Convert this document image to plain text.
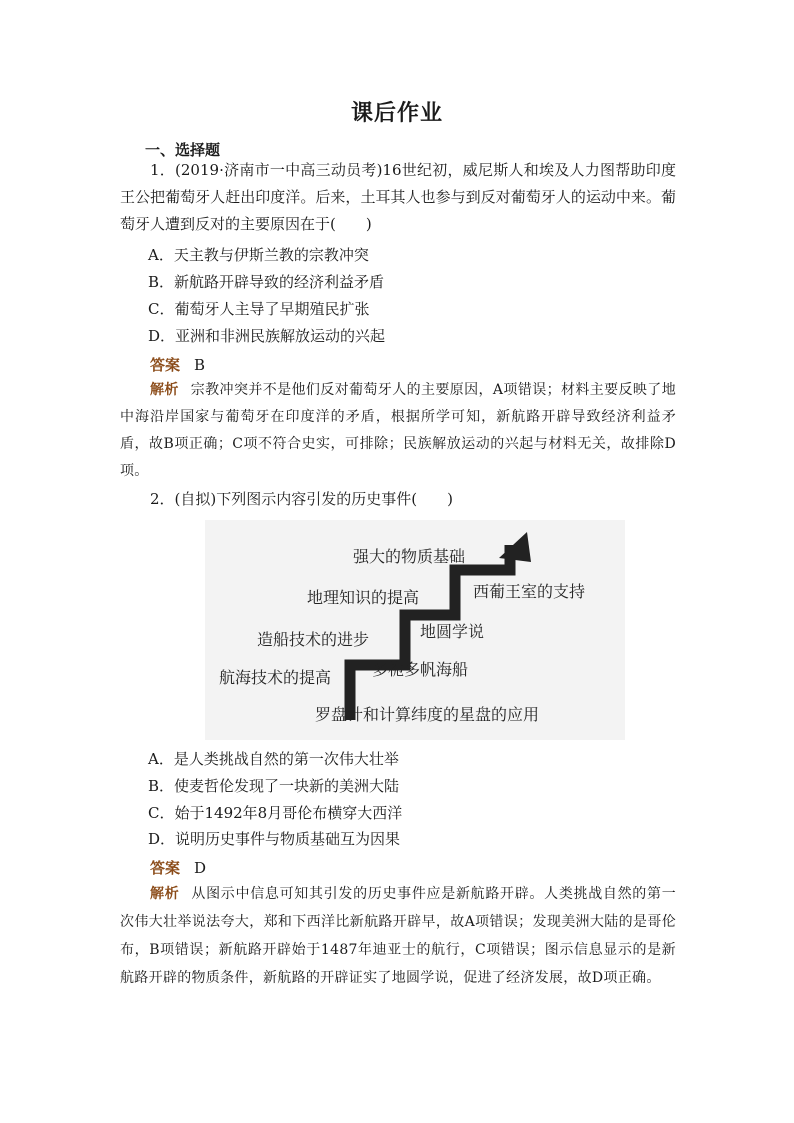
课后作业
一、选择题
1．(2019·济南市一中高三动员考)16世纪初，威尼斯人和埃及人力图帮助印度王公把葡萄牙人赶出印度洋。后来，土耳其人也参与到反对葡萄牙人的运动中来。葡萄牙人遭到反对的主要原因在于(　　)
A．天主教与伊斯兰教的宗教冲突
B．新航路开辟导致的经济利益矛盾
C．葡萄牙人主导了早期殖民扩张
D．亚洲和非洲民族解放运动的兴起
答案 B
解析 宗教冲突并不是他们反对葡萄牙人的主要原因，A项错误；材料主要反映了地中海沿岸国家与葡萄牙在印度洋的矛盾，根据所学可知，新航路开辟导致经济利益矛盾，故B项正确；C项不符合史实，可排除；民族解放运动的兴起与材料无关，故排除D项。
2．(自拟)下列图示内容引发的历史事件(　　)
强大的物质基础
地理知识的提高	西葡王室的支持
造船技术的进步	地圆学说
航海技术的提高	多桅多帆海船
罗盘针和计算纬度的星盘的应用
A．是人类挑战自然的第一次伟大壮举
B．使麦哲伦发现了一块新的美洲大陆
C．始于1492年8月哥伦布横穿大西洋
D．说明历史事件与物质基础互为因果
答案 D
解析 从图示中信息可知其引发的历史事件应是新航路开辟。人类挑战自然的第一次伟大壮举说法夸大，郑和下西洋比新航路开辟早，故A项错误；发现美洲大陆的是哥伦布，B项错误；新航路开辟始于1487年迪亚士的航行，C项错误；图示信息显示的是新航路开辟的物质条件，新航路的开辟证实了地圆学说，促进了经济发展，故D项正确。
